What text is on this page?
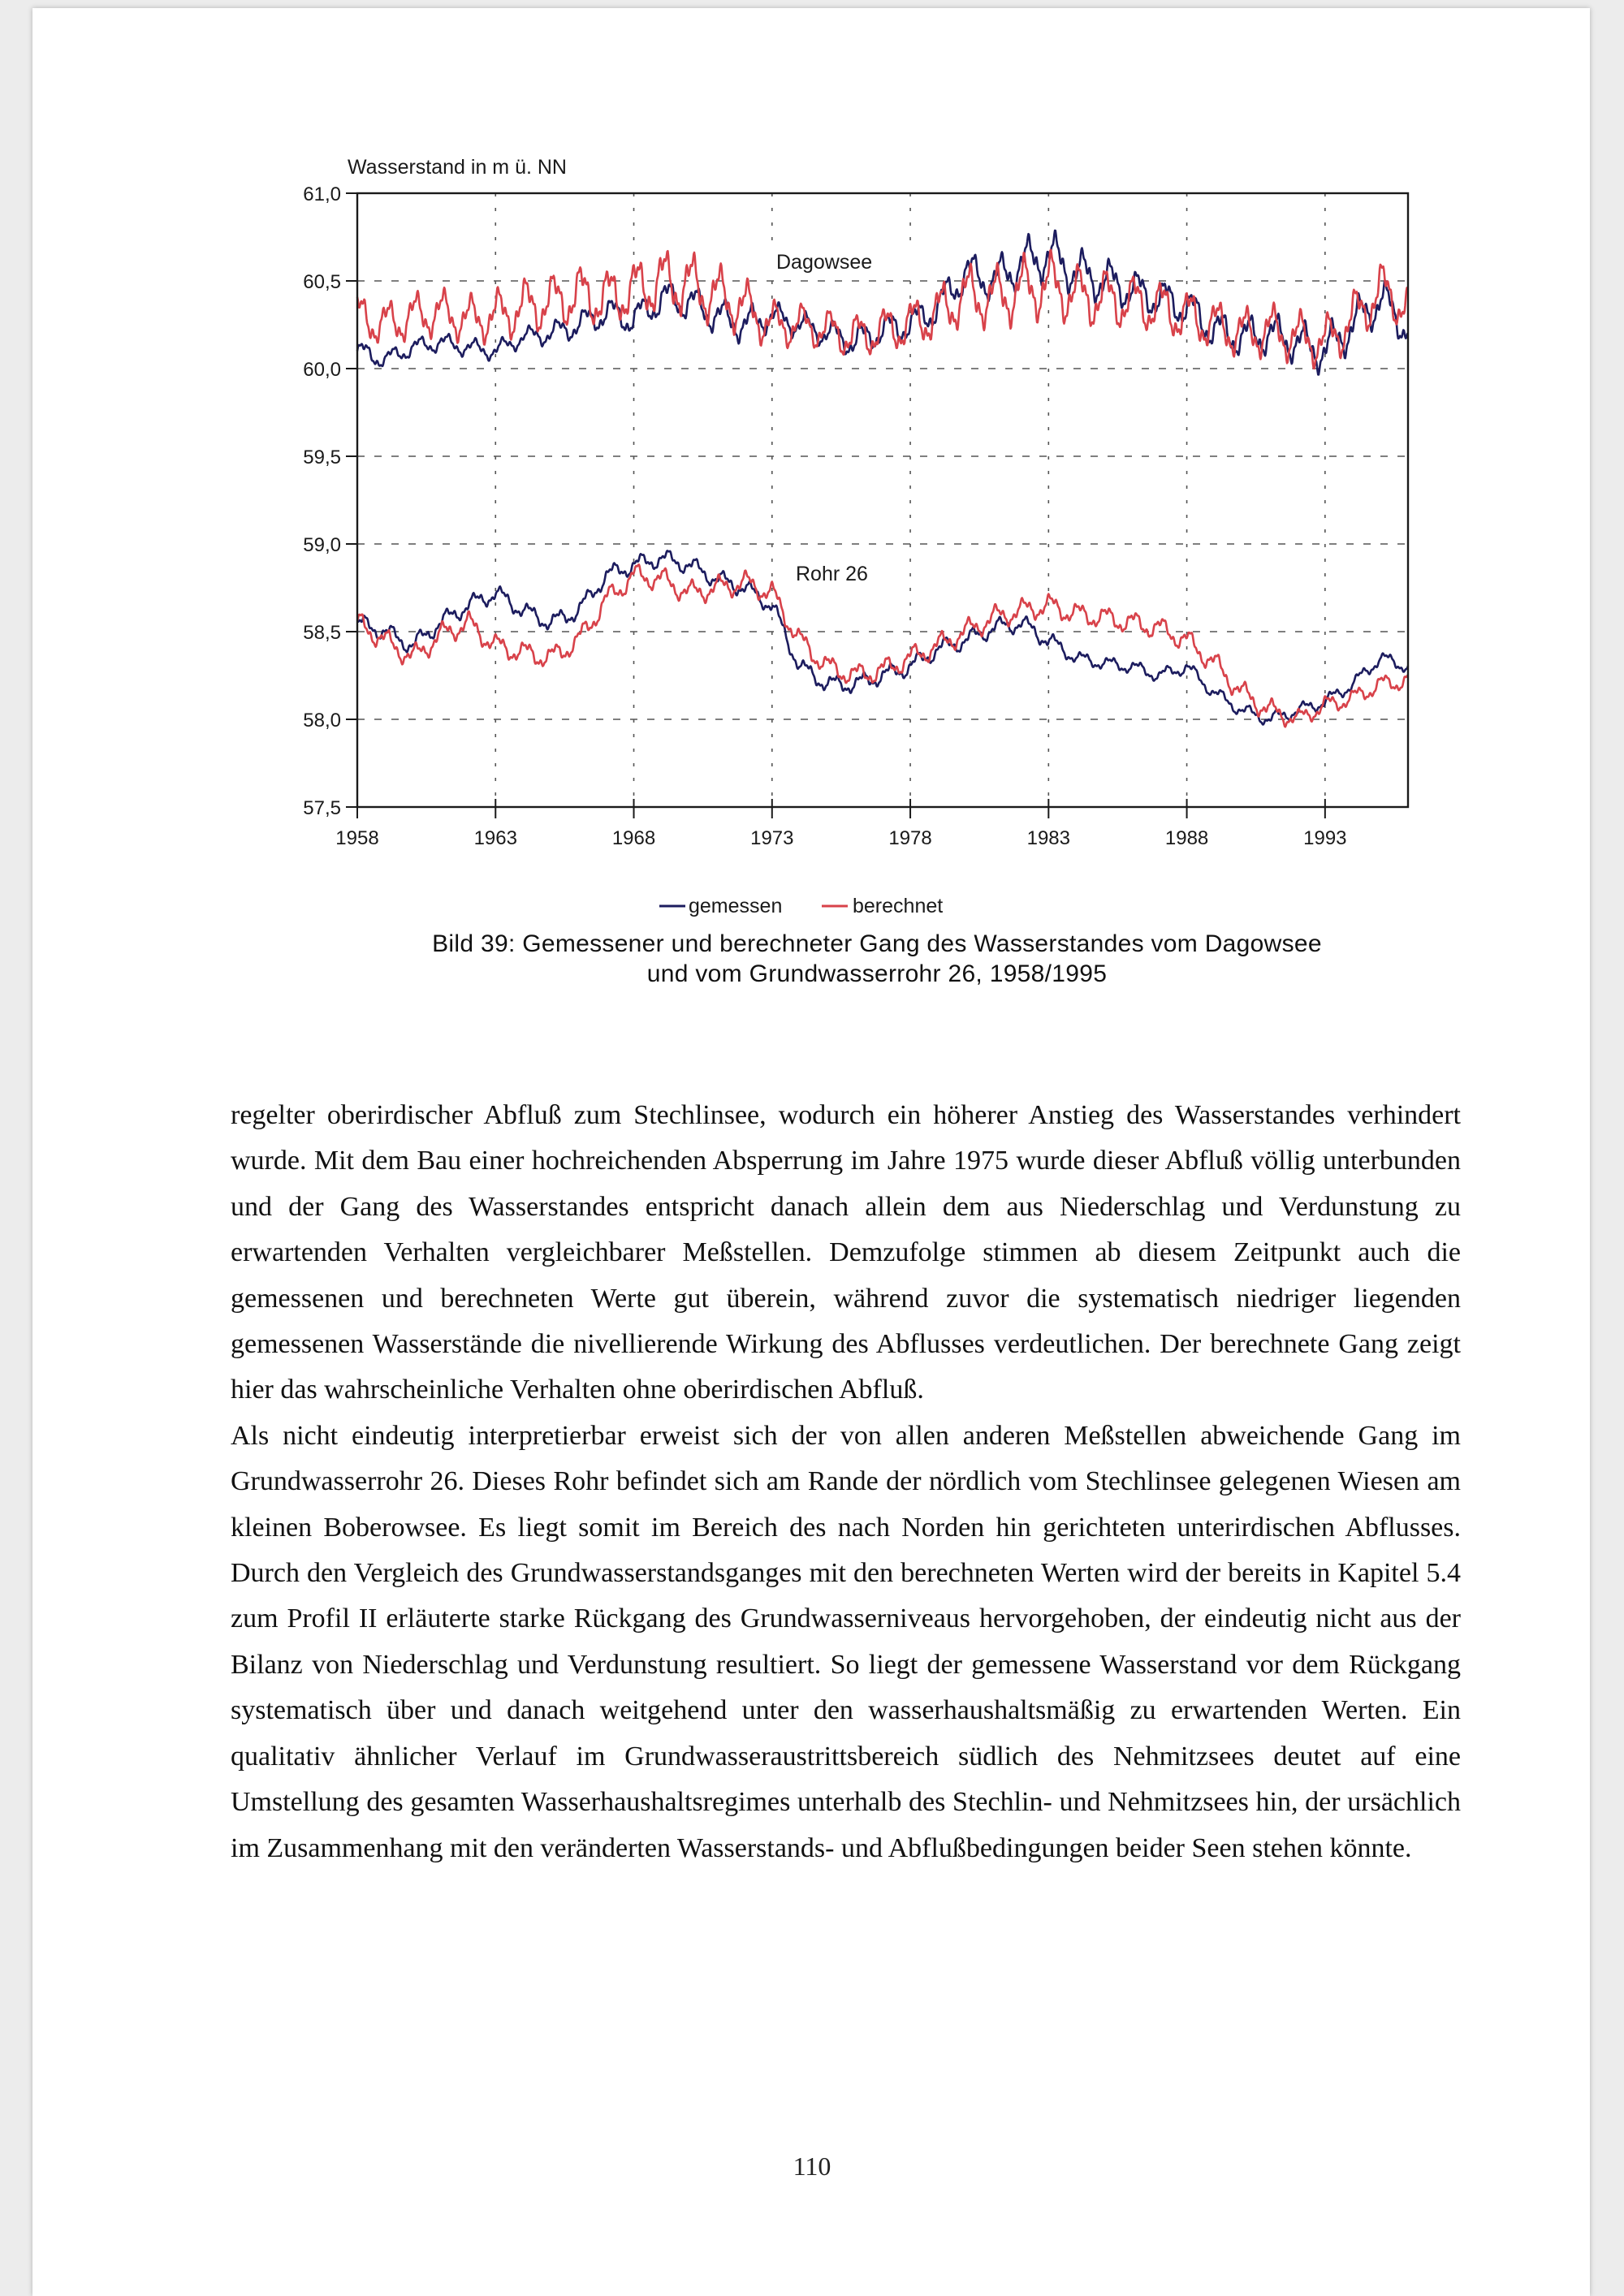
61,0
60,5
60,0
59,5
59,0
58,5
58,0
57,5
1958	1963	1968	1973	1978	1983	1988	1993
Wasserstand in m ü. NN
Dagowsee
Rohr 26
gemessen	berechnet
Bild 39: Gemessener und berechneter Gang des Wasserstandes vom Dagowsee
und vom Grundwasserrohr 26, 1958/1995

regelter oberirdischer Abfluß zum Stechlinsee, wodurch ein höherer Anstieg des Wasserstandes verhindert wurde. Mit dem Bau einer hochreichenden Absperrung im Jahre 1975 wurde dieser Abfluß völlig unterbunden und der Gang des Wasserstandes entspricht danach allein dem aus Niederschlag und Verdunstung zu erwartenden Verhalten vergleichbarer Meßstellen. Demzufolge stimmen ab diesem Zeitpunkt auch die gemessenen und berechneten Werte gut überein, während zuvor die systematisch niedriger liegenden gemessenen Wasserstände die nivellierende Wirkung des Abflusses verdeutlichen. Der berechnete Gang zeigt hier das wahrscheinliche Verhalten ohne oberirdischen Abfluß.

Als nicht eindeutig interpretierbar erweist sich der von allen anderen Meßstellen abweichende Gang im Grundwasserrohr 26. Dieses Rohr befindet sich am Rande der nördlich vom Stechlinsee gelegenen Wiesen am kleinen Boberowsee. Es liegt somit im Bereich des nach Norden hin gerichteten unterirdischen Abflusses. Durch den Vergleich des Grundwasserstandsganges mit den berechneten Werten wird der bereits in Kapitel 5.4 zum Profil II erläuterte starke Rückgang des Grundwasserniveaus hervorgehoben, der eindeutig nicht aus der Bilanz von Niederschlag und Verdunstung resultiert. So liegt der gemessene Wasserstand vor dem Rückgang systematisch über und danach weitgehend unter den wasserhaushaltsmäßig zu erwartenden Werten. Ein qualitativ ähnlicher Verlauf im Grundwasseraustrittsbereich südlich des Nehmitzsees deutet auf eine Umstellung des gesamten Wasserhaushaltsregimes unterhalb des Stechlin- und Nehmitzsees hin, der ursächlich im Zusammenhang mit den veränderten Wasserstands- und Abflußbedingungen beider Seen stehen könnte.

110
